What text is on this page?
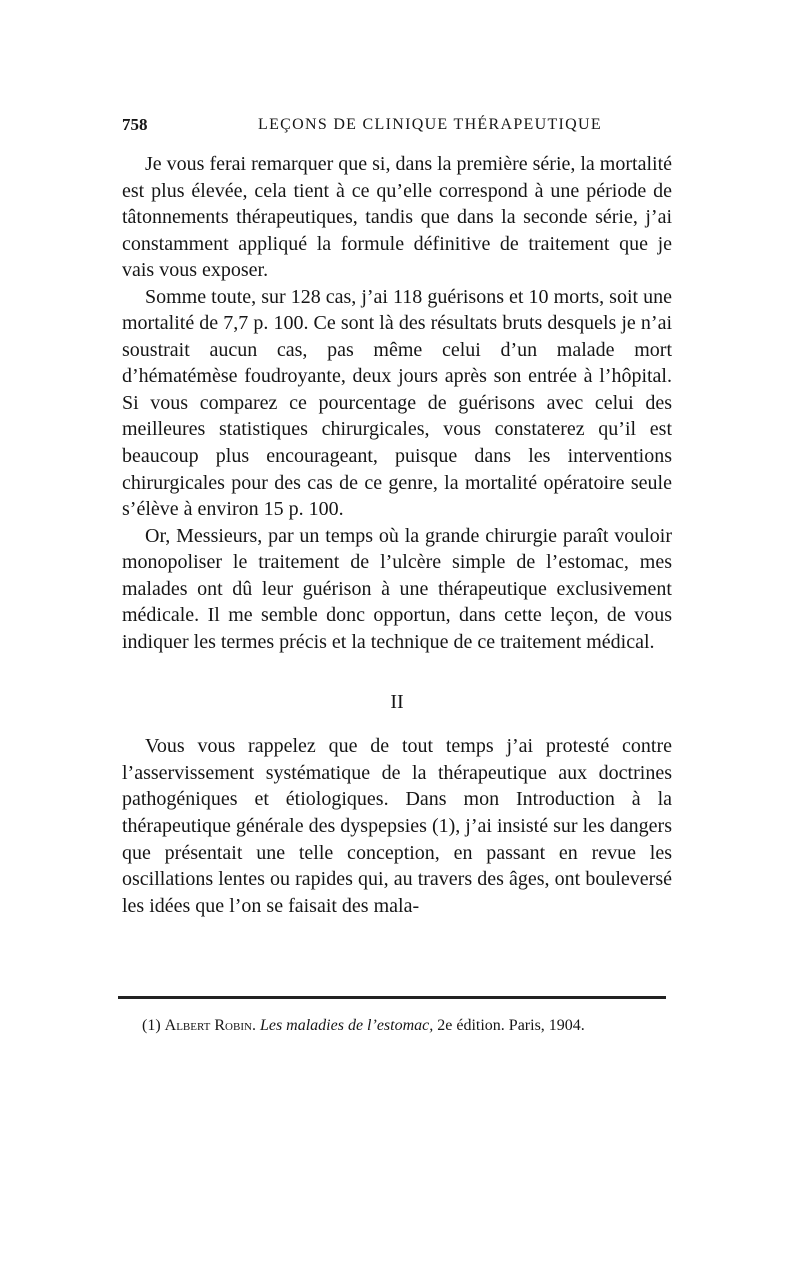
758	LEÇONS DE CLINIQUE THÉRAPEUTIQUE

Je vous ferai remarquer que si, dans la première série, la mortalité est plus élevée, cela tient à ce qu’elle correspond à une période de tâtonnements thérapeutiques, tandis que dans la seconde série, j’ai constamment appliqué la formule définitive de traitement que je vais vous exposer.

Somme toute, sur 128 cas, j’ai 118 guérisons et 10 morts, soit une mortalité de 7,7 p. 100. Ce sont là des résultats bruts desquels je n’ai soustrait aucun cas, pas même celui d’un malade mort d’hématémèse foudroyante, deux jours après son entrée à l’hôpital. Si vous comparez ce pourcentage de guérisons avec celui des meilleures statistiques chirurgicales, vous constaterez qu’il est beaucoup plus encourageant, puisque dans les interventions chirurgicales pour des cas de ce genre, la mortalité opératoire seule s’élève à environ 15 p. 100.

Or, Messieurs, par un temps où la grande chirurgie paraît vouloir monopoliser le traitement de l’ulcère simple de l’estomac, mes malades ont dû leur guérison à une thérapeutique exclusivement médicale. Il me semble donc opportun, dans cette leçon, de vous indiquer les termes précis et la technique de ce traitement médical.

II

Vous vous rappelez que de tout temps j’ai protesté contre l’asservissement systématique de la thérapeutique aux doctrines pathogéniques et étiologiques. Dans mon Introduction à la thérapeutique générale des dyspepsies (1), j’ai insisté sur les dangers que présentait une telle conception, en passant en revue les oscillations lentes ou rapides qui, au travers des âges, ont bouleversé les idées que l’on se faisait des mala-

(1) Albert Robin. Les maladies de l’estomac, 2e édition. Paris, 1904.
